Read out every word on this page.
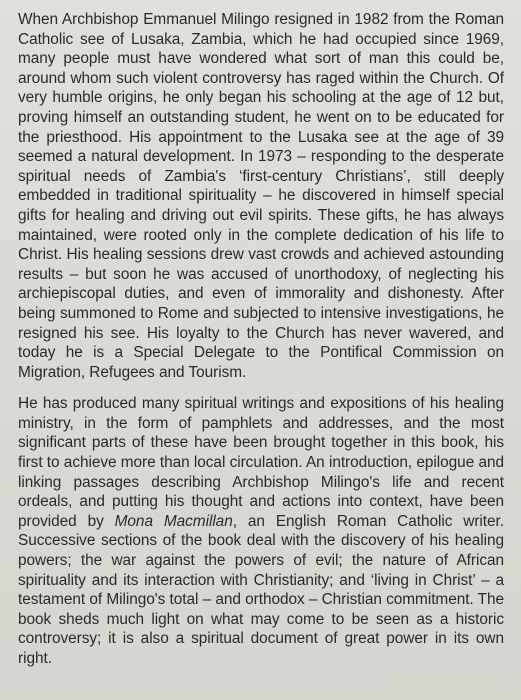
When Archbishop Emmanuel Milingo resigned in 1982 from the Roman Catholic see of Lusaka, Zambia, which he had occupied since 1969, many people must have wondered what sort of man this could be, around whom such violent controversy has raged within the Church. Of very humble origins, he only began his schooling at the age of 12 but, proving himself an outstanding student, he went on to be educated for the priesthood. His appointment to the Lusaka see at the age of 39 seemed a natural development. In 1973 – responding to the desperate spiritual needs of Zambia's ‘first-century Christians’, still deeply embedded in traditional spirituality – he discovered in himself special gifts for healing and driving out evil spirits. These gifts, he has always maintained, were rooted only in the complete dedication of his life to Christ. His healing sessions drew vast crowds and achieved astounding results – but soon he was accused of unorthodoxy, of neglecting his archiepiscopal duties, and even of immorality and dishonesty. After being summoned to Rome and subjected to intensive investigations, he resigned his see. His loyalty to the Church has never wavered, and today he is a Special Delegate to the Pontifical Commission on Migration, Refugees and Tourism.

He has produced many spiritual writings and expositions of his healing ministry, in the form of pamphlets and addresses, and the most significant parts of these have been brought together in this book, his first to achieve more than local circulation. An introduction, epilogue and linking passages describing Archbishop Milingo's life and recent ordeals, and putting his thought and actions into context, have been provided by Mona Macmillan, an English Roman Catholic writer. Successive sections of the book deal with the discovery of his healing powers; the war against the powers of evil; the nature of African spirituality and its interaction with Christianity; and ‘living in Christ’ – a testament of Milingo's total – and orthodox – Christian commitment. The book sheds much light on what may come to be seen as a historic controversy; it is also a spiritual document of great power in its own right.
